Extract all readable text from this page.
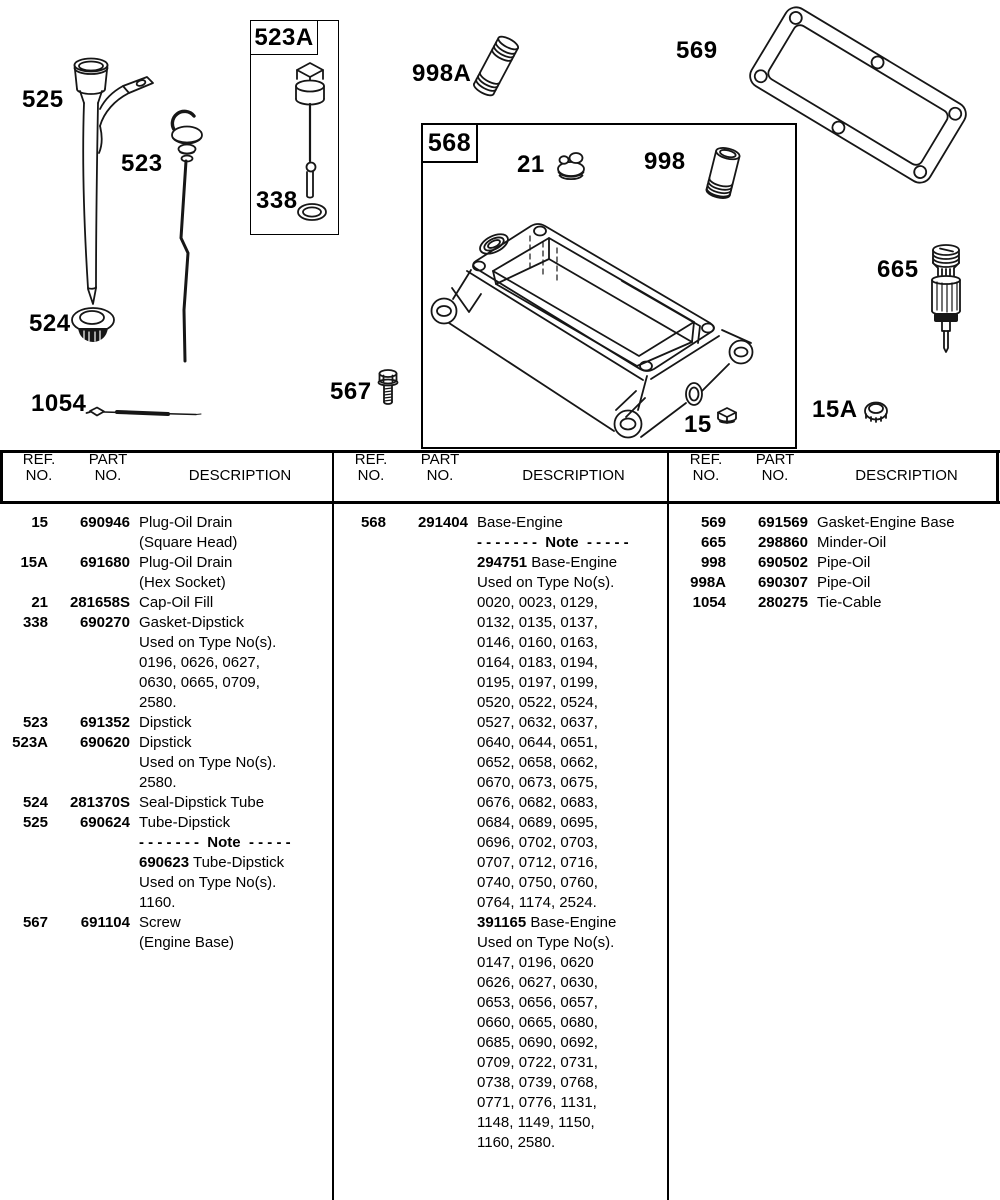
523A
568
525
523
338
998A
21	998
569
665
15
15A
567
524
1054
REF.
NO.
PART
NO.	DESCRIPTION
REF.
NO.
PART
NO.	DESCRIPTION
REF.
NO.
PART
NO.	DESCRIPTION
15	690946 Plug-Oil Drain
(Square Head)
15A	691680 Plug-Oil Drain
(Hex Socket)
21	281658S Cap-Oil Fill
338	690270 Gasket-Dipstick
Used on Type No(s).
0196, 0626, 0627,
0630, 0665, 0709,
2580.
523	691352 Dipstick
523A	690620 Dipstick
Used on Type No(s).
2580.
524	281370S Seal-Dipstick Tube
525	690624 Tube-Dipstick
- - - - - - -  Note  - - - - -
690623 Tube-Dipstick
Used on Type No(s).
1160.
567	691104 Screw
(Engine Base)
568	291404 Base-Engine
- - - - - - -  Note  - - - - -
294751 Base-Engine
Used on Type No(s).
0020, 0023, 0129,
0132, 0135, 0137,
0146, 0160, 0163,
0164, 0183, 0194,
0195, 0197, 0199,
0520, 0522, 0524,
0527, 0632, 0637,
0640, 0644, 0651,
0652, 0658, 0662,
0670, 0673, 0675,
0676, 0682, 0683,
0684, 0689, 0695,
0696, 0702, 0703,
0707, 0712, 0716,
0740, 0750, 0760,
0764, 1174, 2524.
391165 Base-Engine
Used on Type No(s).
0147, 0196, 0620
0626, 0627, 0630,
0653, 0656, 0657,
0660, 0665, 0680,
0685, 0690, 0692,
0709, 0722, 0731,
0738, 0739, 0768,
0771, 0776, 1131,
1148, 1149, 1150,
1160, 2580.
569	691569 Gasket-Engine Base
665	298860 Minder-Oil
998	690502 Pipe-Oil
998A	690307 Pipe-Oil
1054	280275 Tie-Cable
